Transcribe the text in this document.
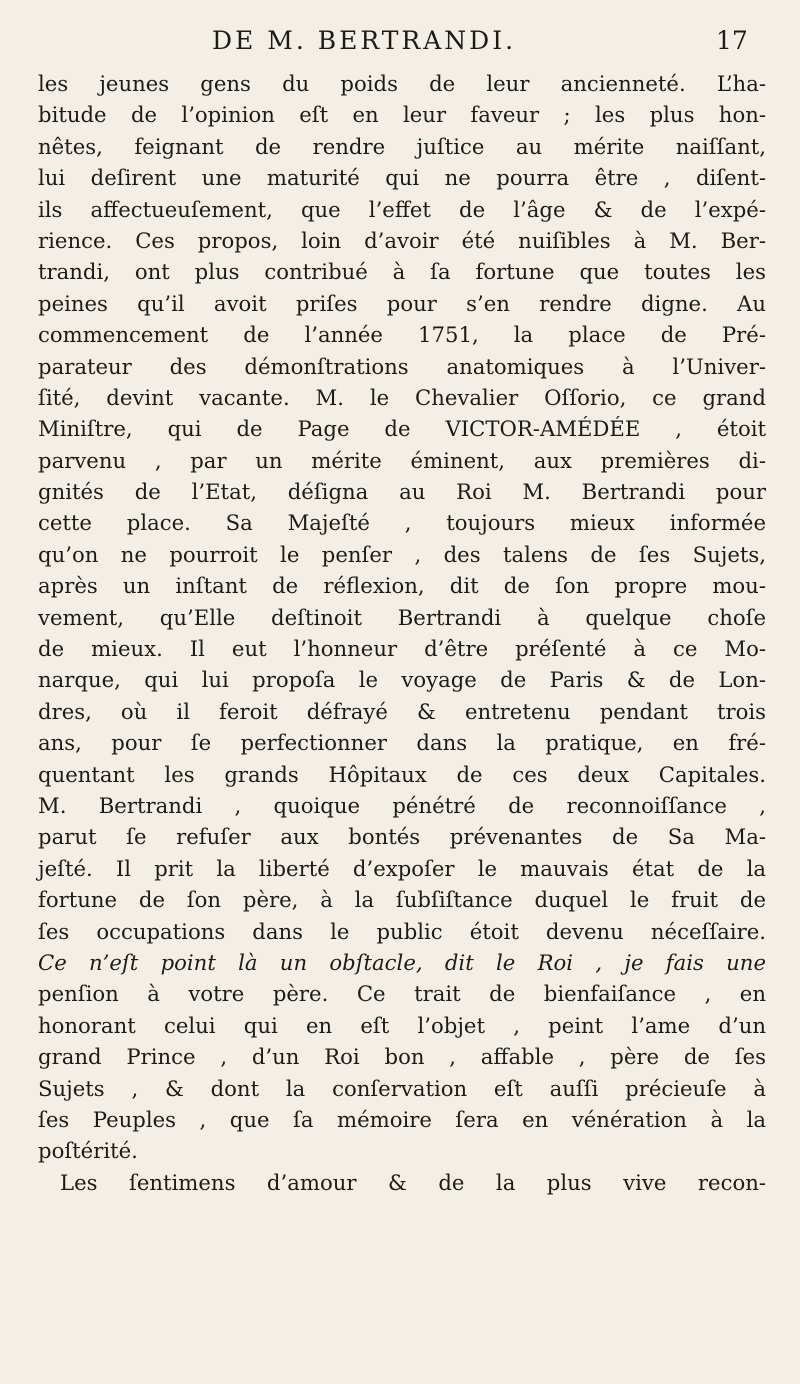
DE M. BERTRANDI.	17
les jeunes gens du poids de leur ancienneté. L’ha-
bitude de l’opinion eſt en leur faveur ; les plus hon-
nêtes, feignant de rendre juſtice au mérite naiſſant,
lui deſirent une maturité qui ne pourra être , diſent-
ils affectueuſement, que l’effet de l’âge & de l’expé-
rience. Ces propos, loin d’avoir été nuiſibles à M. Ber-
trandi, ont plus contribué à ſa fortune que toutes les
peines qu’il avoit priſes pour s’en rendre digne. Au
commencement de l’année 1751, la place de Pré-
parateur des démonſtrations anatomiques à l’Univer-
ſité, devint vacante. M. le Chevalier Oſſorio, ce grand
Miniſtre, qui de Page de VICTOR-AMÉDÉE , étoit
parvenu , par un mérite éminent, aux premières di-
gnités de l’Etat, déſigna au Roi M. Bertrandi pour
cette place. Sa Majeſté , toujours mieux informée
qu’on ne pourroit le penſer , des talens de ſes Sujets,
après un inſtant de réflexion, dit de ſon propre mou-
vement, qu’Elle deſtinoit Bertrandi à quelque choſe
de mieux. Il eut l’honneur d’être préſenté à ce Mo-
narque, qui lui propoſa le voyage de Paris & de Lon-
dres, où il feroit défrayé & entretenu pendant trois
ans, pour ſe perfectionner dans la pratique, en fré-
quentant les grands Hôpitaux de ces deux Capitales.
M. Bertrandi , quoique pénétré de reconnoiſſance ,
parut ſe refuſer aux bontés prévenantes de Sa Ma-
jeſté. Il prit la liberté d’expoſer le mauvais état de la
fortune de ſon père, à la ſubſiſtance duquel le fruit de
ſes occupations dans le public étoit devenu néceſſaire.
Ce n’eſt point là un obſtacle, dit le Roi , je fais une
penſion à votre père. Ce trait de bienfaiſance , en
honorant celui qui en eſt l’objet , peint l’ame d’un
grand Prince , d’un Roi bon , affable , père de ſes
Sujets , & dont la conſervation eſt auſſi précieuſe à
ſes Peuples , que ſa mémoire ſera en vénération à la
poſtérité.
Les ſentimens d’amour & de la plus vive recon-
